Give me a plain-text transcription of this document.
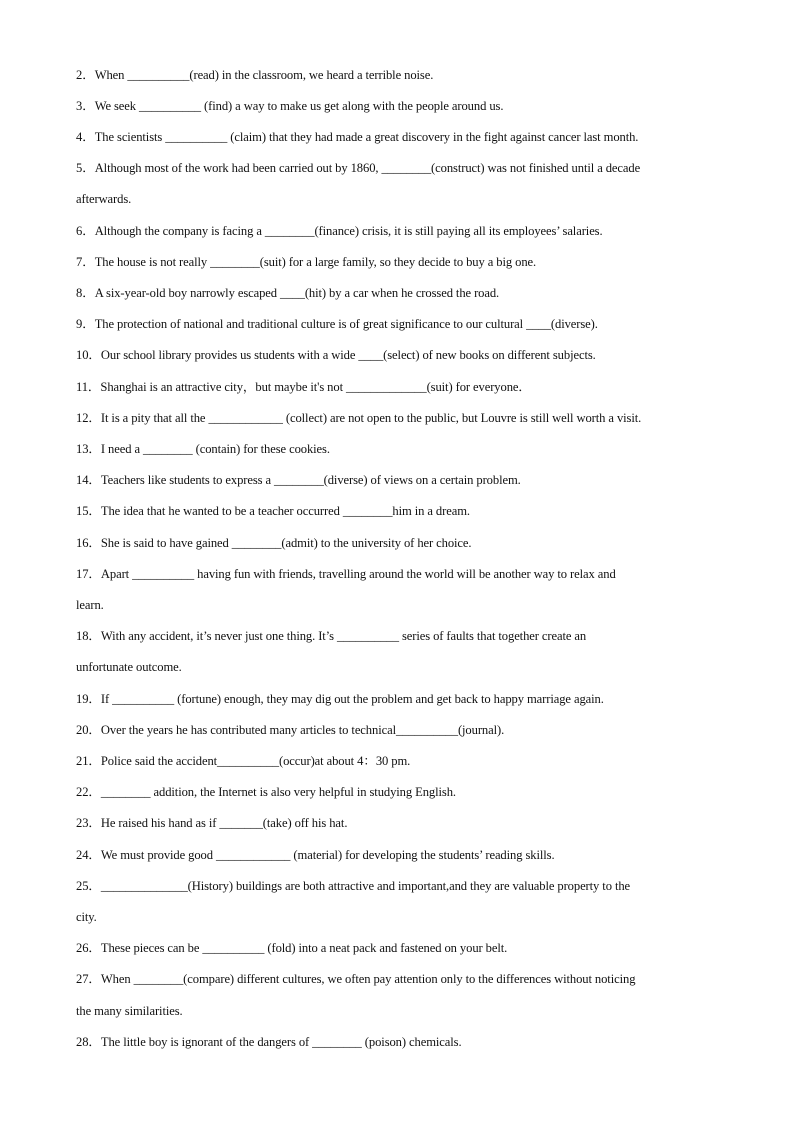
2．When __________(read) in the classroom, we heard a terrible noise.
3．We seek __________ (find) a way to make us get along with the people around us.
4．The scientists __________ (claim) that they had made a great discovery in the fight against cancer last month.
5．Although most of the work had been carried out by 1860, ________(construct) was not finished until a decade
afterwards.
6．Although the company is facing a ________(finance) crisis, it is still paying all its employees’ salaries.
7．The house is not really ________(suit) for a large family, so they decide to buy a big one.
8．A six-year-old boy narrowly escaped ____(hit) by a car when he crossed the road.
9．The protection of national and traditional culture is of great significance to our cultural ____(diverse).
10．Our school library provides us students with a wide ____(select) of new books on different subjects.
11．Shanghai is an attractive city，but maybe it's not _____________(suit) for everyone．
12．It is a pity that all the ____________ (collect) are not open to the public, but Louvre is still well worth a visit.
13．I need a ________ (contain) for these cookies.
14．Teachers like students to express a ________(diverse) of views on a certain problem.
15．The idea that he wanted to be a teacher occurred ________him in a dream.
16．She is said to have gained ________(admit) to the university of her choice.
17．Apart __________ having fun with friends, travelling around the world will be another way to relax and
learn.
18．With any accident, it’s never just one thing. It’s __________ series of faults that together create an
unfortunate outcome.
19．If __________ (fortune) enough, they may dig out the problem and get back to happy marriage again.
20．Over the years he has contributed many articles to technical__________(journal).
21．Police said the accident__________(occur)at about 4：30 pm.
22．________ addition, the Internet is also very helpful in studying English.
23．He raised his hand as if _______(take) off his hat.
24．We must provide good ____________ (material) for developing the students’ reading skills.
25．______________(History) buildings are both attractive and important,and they are valuable property to the
city.
26．These pieces can be __________ (fold) into a neat pack and fastened on your belt.
27．When ________(compare) different cultures, we often pay attention only to the differences without noticing
the many similarities.
28．The little boy is ignorant of the dangers of ________ (poison) chemicals.
